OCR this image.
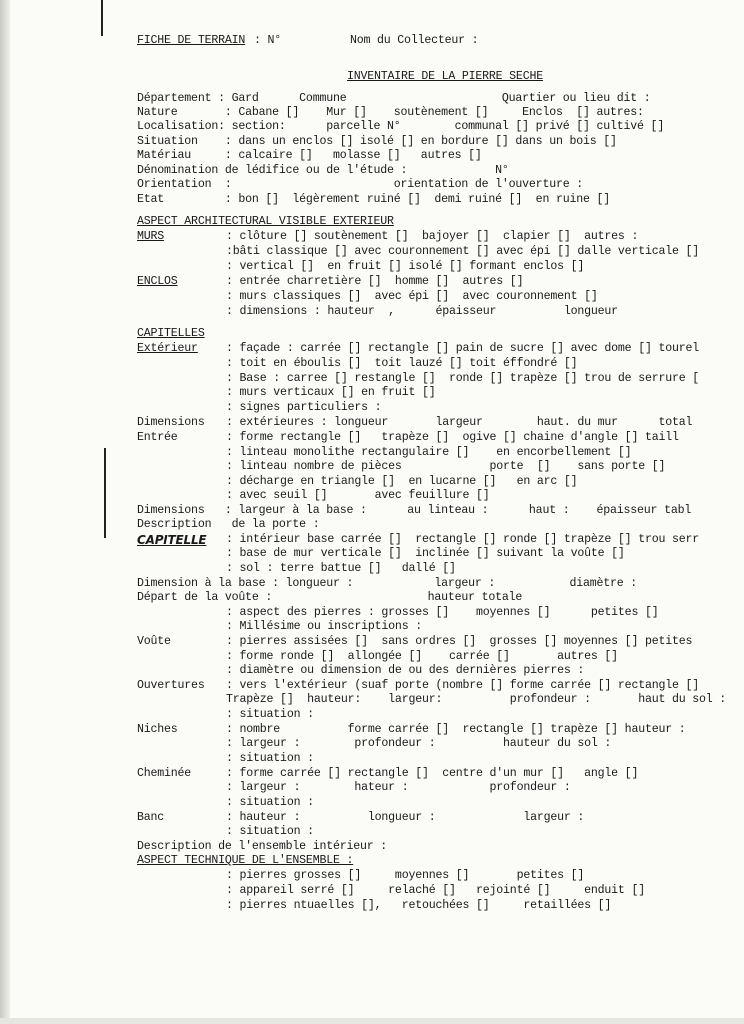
FICHE DE TERRAIN : N°	Nom du Collecteur :
INVENTAIRE DE LA PIERRE SECHE
Département : Gard      Commune                       Quartier ou lieu dit :
Nature       : Cabane []    Mur []    soutènement []     Enclos  [] autres:
Localisation: section:      parcelle N°        communal [] privé [] cultivé []
Situation    : dans un enclos [] isolé [] en bordure [] dans un bois []
Matériau     : calcaire []   molasse []   autres []
Dénomination de lédifice ou de l'étude :             N°
Orientation  :                        orientation de l'ouverture :
Etat         : bon []  légèrement ruiné []  demi ruiné []  en ruine []
ASPECT ARCHITECTURAL VISIBLE EXTERIEUR
MURS	: clôture [] soutènement []  bajoyer []  clapier []  autres :
:bâti classique [] avec couronnement [] avec épi [] dalle verticale []
: vertical []  en fruit [] isolé [] formant enclos []
ENCLOS	: entrée charretière []  homme []  autres []
: murs classiques []  avec épi []  avec couronnement []
: dimensions : hauteur  ,      épaisseur          longueur
CAPITELLES
Extérieur : façade : carrée [] rectangle [] pain de sucre [] avec dome [] tourel
: toit en éboulis []  toit lauzé [] toit éffondré []
: Base : carree [] restangle []  ronde [] trapèze [] trou de serrure [
: murs verticaux [] en fruit []
: signes particuliers :
Dimensions : extérieures : longueur       largeur        haut. du mur      total
Entrée	: forme rectangle []   trapèze []  ogive [] chaine d'angle [] taill
: linteau monolithe rectangulaire []    en encorbellement []
: linteau nombre de pièces             porte  []    sans porte []
: décharge en triangle []  en lucarne []   en arc []
: avec seuil []       avec feuillure []
Dimensions   : largeur à la base :      au linteau :      haut :    épaisseur tabl
Description   de la porte :
CAPITELLE : intérieur base carrée []  rectangle [] ronde [] trapèze [] trou serr
: base de mur verticale []  inclinée [] suivant la voûte []
: sol : terre battue []   dallé []
Dimension à la base : longueur :            largeur :           diamètre :
Départ de la voûte :                       hauteur totale
: aspect des pierres : grosses []    moyennes []      petites []
: Millésime ou inscriptions :
Voûte	: pierres assisées []  sans ordres []  grosses [] moyennes [] petites
: forme ronde []  allongée []    carrée []       autres []
: diamètre ou dimension de ou des dernières pierres :
Ouvertures : vers l'extérieur (suaf porte (nombre [] forme carrée [] rectangle []
Trapèze []  hauteur:    largeur:          profondeur :       haut du sol :
: situation :
Niches	: nombre          forme carrée []  rectangle [] trapèze [] hauteur :
: largeur :        profondeur :          hauteur du sol :
: situation :
Cheminée	: forme carrée [] rectangle []  centre d'un mur []   angle []
: largeur :        hateur :            profondeur :
: situation :
Banc	: hauteur :          longueur :             largeur :
: situation :
Description de l'ensemble intérieur :
ASPECT TECHNIQUE DE L'ENSEMBLE :
: pierres grosses []     moyennes []       petites []
: appareil serré []     relaché []   rejointé []     enduit []
: pierres ntuaelles [],   retouchées []     retaillées []
